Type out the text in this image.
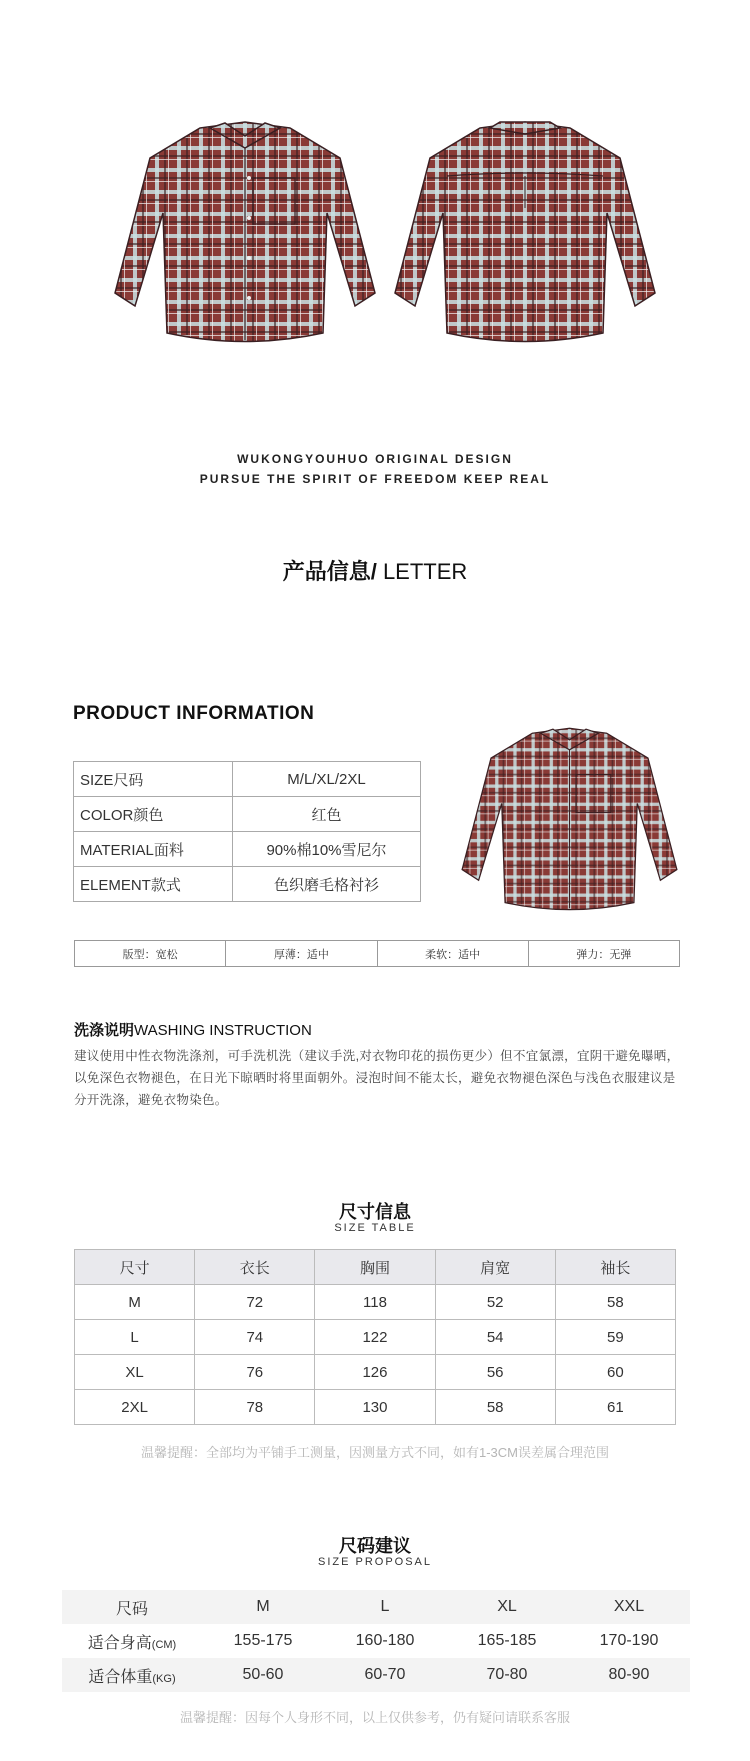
WUKONGYOUHUO ORIGINAL DESIGN
PURSUE THE SPIRIT OF FREEDOM KEEP REAL
产品信息/ LETTER
PRODUCT INFORMATION
SIZE尺码	M/L/XL/2XL
COLOR颜色	红色
MATERIAL面料	90%棉10%雪尼尔
ELEMENT款式	色织磨毛格衬衫
版型：宽松	厚薄：适中	柔软：适中	弹力：无弹
洗涤说明WASHING INSTRUCTION
建议使用中性衣物洗涤剂，可手洗机洗（建议手洗,对衣物印花的损伤更少）但不宜氯漂，宜阴干避免曝晒，以免深色衣物褪色，在日光下晾晒时将里面朝外。浸泡时间不能太长，避免衣物褪色深色与浅色衣服建议是分开洗涤，避免衣物染色。
尺寸信息
SIZE TABLE
尺寸	衣长	胸围	肩宽	袖长
M	72	118	52	58
L	74	122	54	59
XL	76	126	56	60
2XL	78	130	58	61
温馨提醒：全部均为平铺手工测量，因测量方式不同，如有1-3CM误差属合理范围
尺码建议
SIZE PROPOSAL
尺码	M	L	XL	XXL
适合身高(CM)	155-175	160-180	165-185	170-190
适合体重(KG)	50-60	60-70	70-80	80-90
温馨提醒：因每个人身形不同，以上仅供参考，仍有疑问请联系客服
